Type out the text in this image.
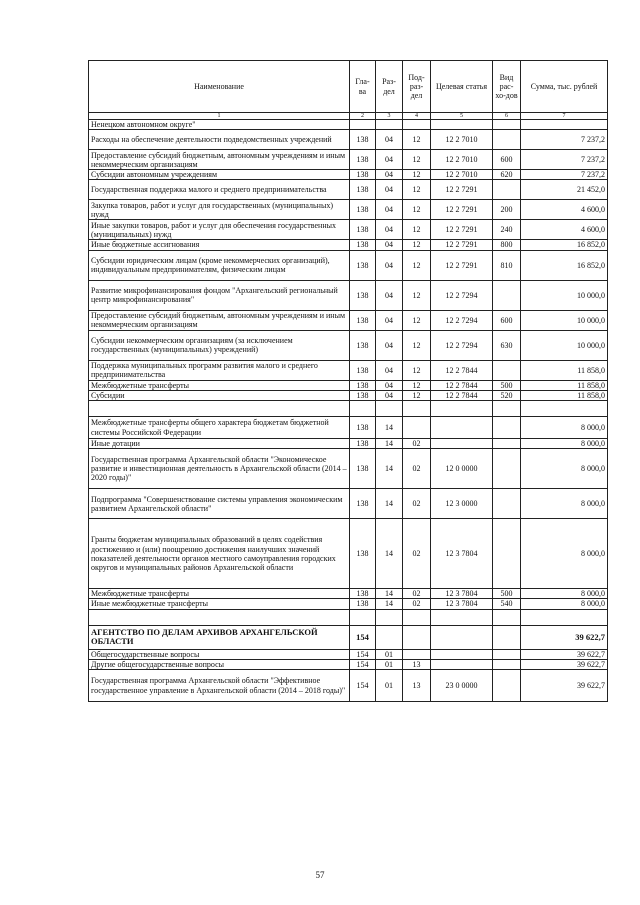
Наименование	Гла-ва	Раз-дел	Под-раз-дел	Целевая статья	Вид рас-хо-дов	Сумма, тыс. рублей
1	2	3	4	5	6	7
Ненецком автономном округе"						
Расходы на обеспечение деятельности подведомственных учреждений	138	04	12	12 2 7010		7 237,2
Предоставление субсидий бюджетным, автономным учреждениям и иным некоммерческим организациям	138	04	12	12 2 7010	600	7 237,2
Субсидии автономным учреждениям	138	04	12	12 2 7010	620	7 237,2
Государственная поддержка малого и среднего предпринимательства	138	04	12	12 2 7291		21 452,0
Закупка товаров, работ и услуг для государственных (муниципальных) нужд	138	04	12	12 2 7291	200	4 600,0
Иные закупки товаров, работ и услуг для обеспечения государственных (муниципальных) нужд	138	04	12	12 2 7291	240	4 600,0
Иные бюджетные ассигнования	138	04	12	12 2 7291	800	16 852,0
Субсидии юридическим лицам (кроме некоммерческих организаций), индивидуальным предпринимателям, физическим лицам	138	04	12	12 2 7291	810	16 852,0
Развитие микрофинансирования фондом "Архангельский региональный центр микрофинансирования"	138	04	12	12 2 7294		10 000,0
Предоставление субсидий бюджетным, автономным учреждениям и иным некоммерческим организациям	138	04	12	12 2 7294	600	10 000,0
Субсидии некоммерческим организациям (за исключением государственных (муниципальных) учреждений)	138	04	12	12 2 7294	630	10 000,0
Поддержка муниципальных программ развития малого и среднего предпринимательства	138	04	12	12 2 7844		11 858,0
Межбюджетные трансферты	138	04	12	12 2 7844	500	11 858,0
Субсидии	138	04	12	12 2 7844	520	11 858,0

Межбюджетные трансферты общего характера бюджетам бюджетной системы Российской Федерации	138	14				8 000,0
Иные дотации	138	14	02			8 000,0
Государственная программа Архангельской области "Экономическое развитие и инвестиционная деятельность в Архангельской области (2014 – 2020 годы)"	138	14	02	12 0 0000		8 000,0
Подпрограмма "Совершенствование системы управления экономическим развитием Архангельской области"	138	14	02	12 3 0000		8 000,0
Гранты бюджетам муниципальных образований в целях содействия достижению и (или) поощрению достижения наилучших значений показателей деятельности органов местного самоуправления городских округов и муниципальных районов Архангельской области	138	14	02	12 3 7804		8 000,0
Межбюджетные трансферты	138	14	02	12 3 7804	500	8 000,0
Иные межбюджетные трансферты	138	14	02	12 3 7804	540	8 000,0

АГЕНТСТВО ПО ДЕЛАМ АРХИВОВ АРХАНГЕЛЬСКОЙ ОБЛАСТИ	154					39 622,7
Общегосударственные вопросы	154	01				39 622,7
Другие общегосударственные вопросы	154	01	13			39 622,7
Государственная программа Архангельской области "Эффективное государственное управление в Архангельской области (2014 – 2018 годы)"	154	01	13	23 0 0000		39 622,7
57
